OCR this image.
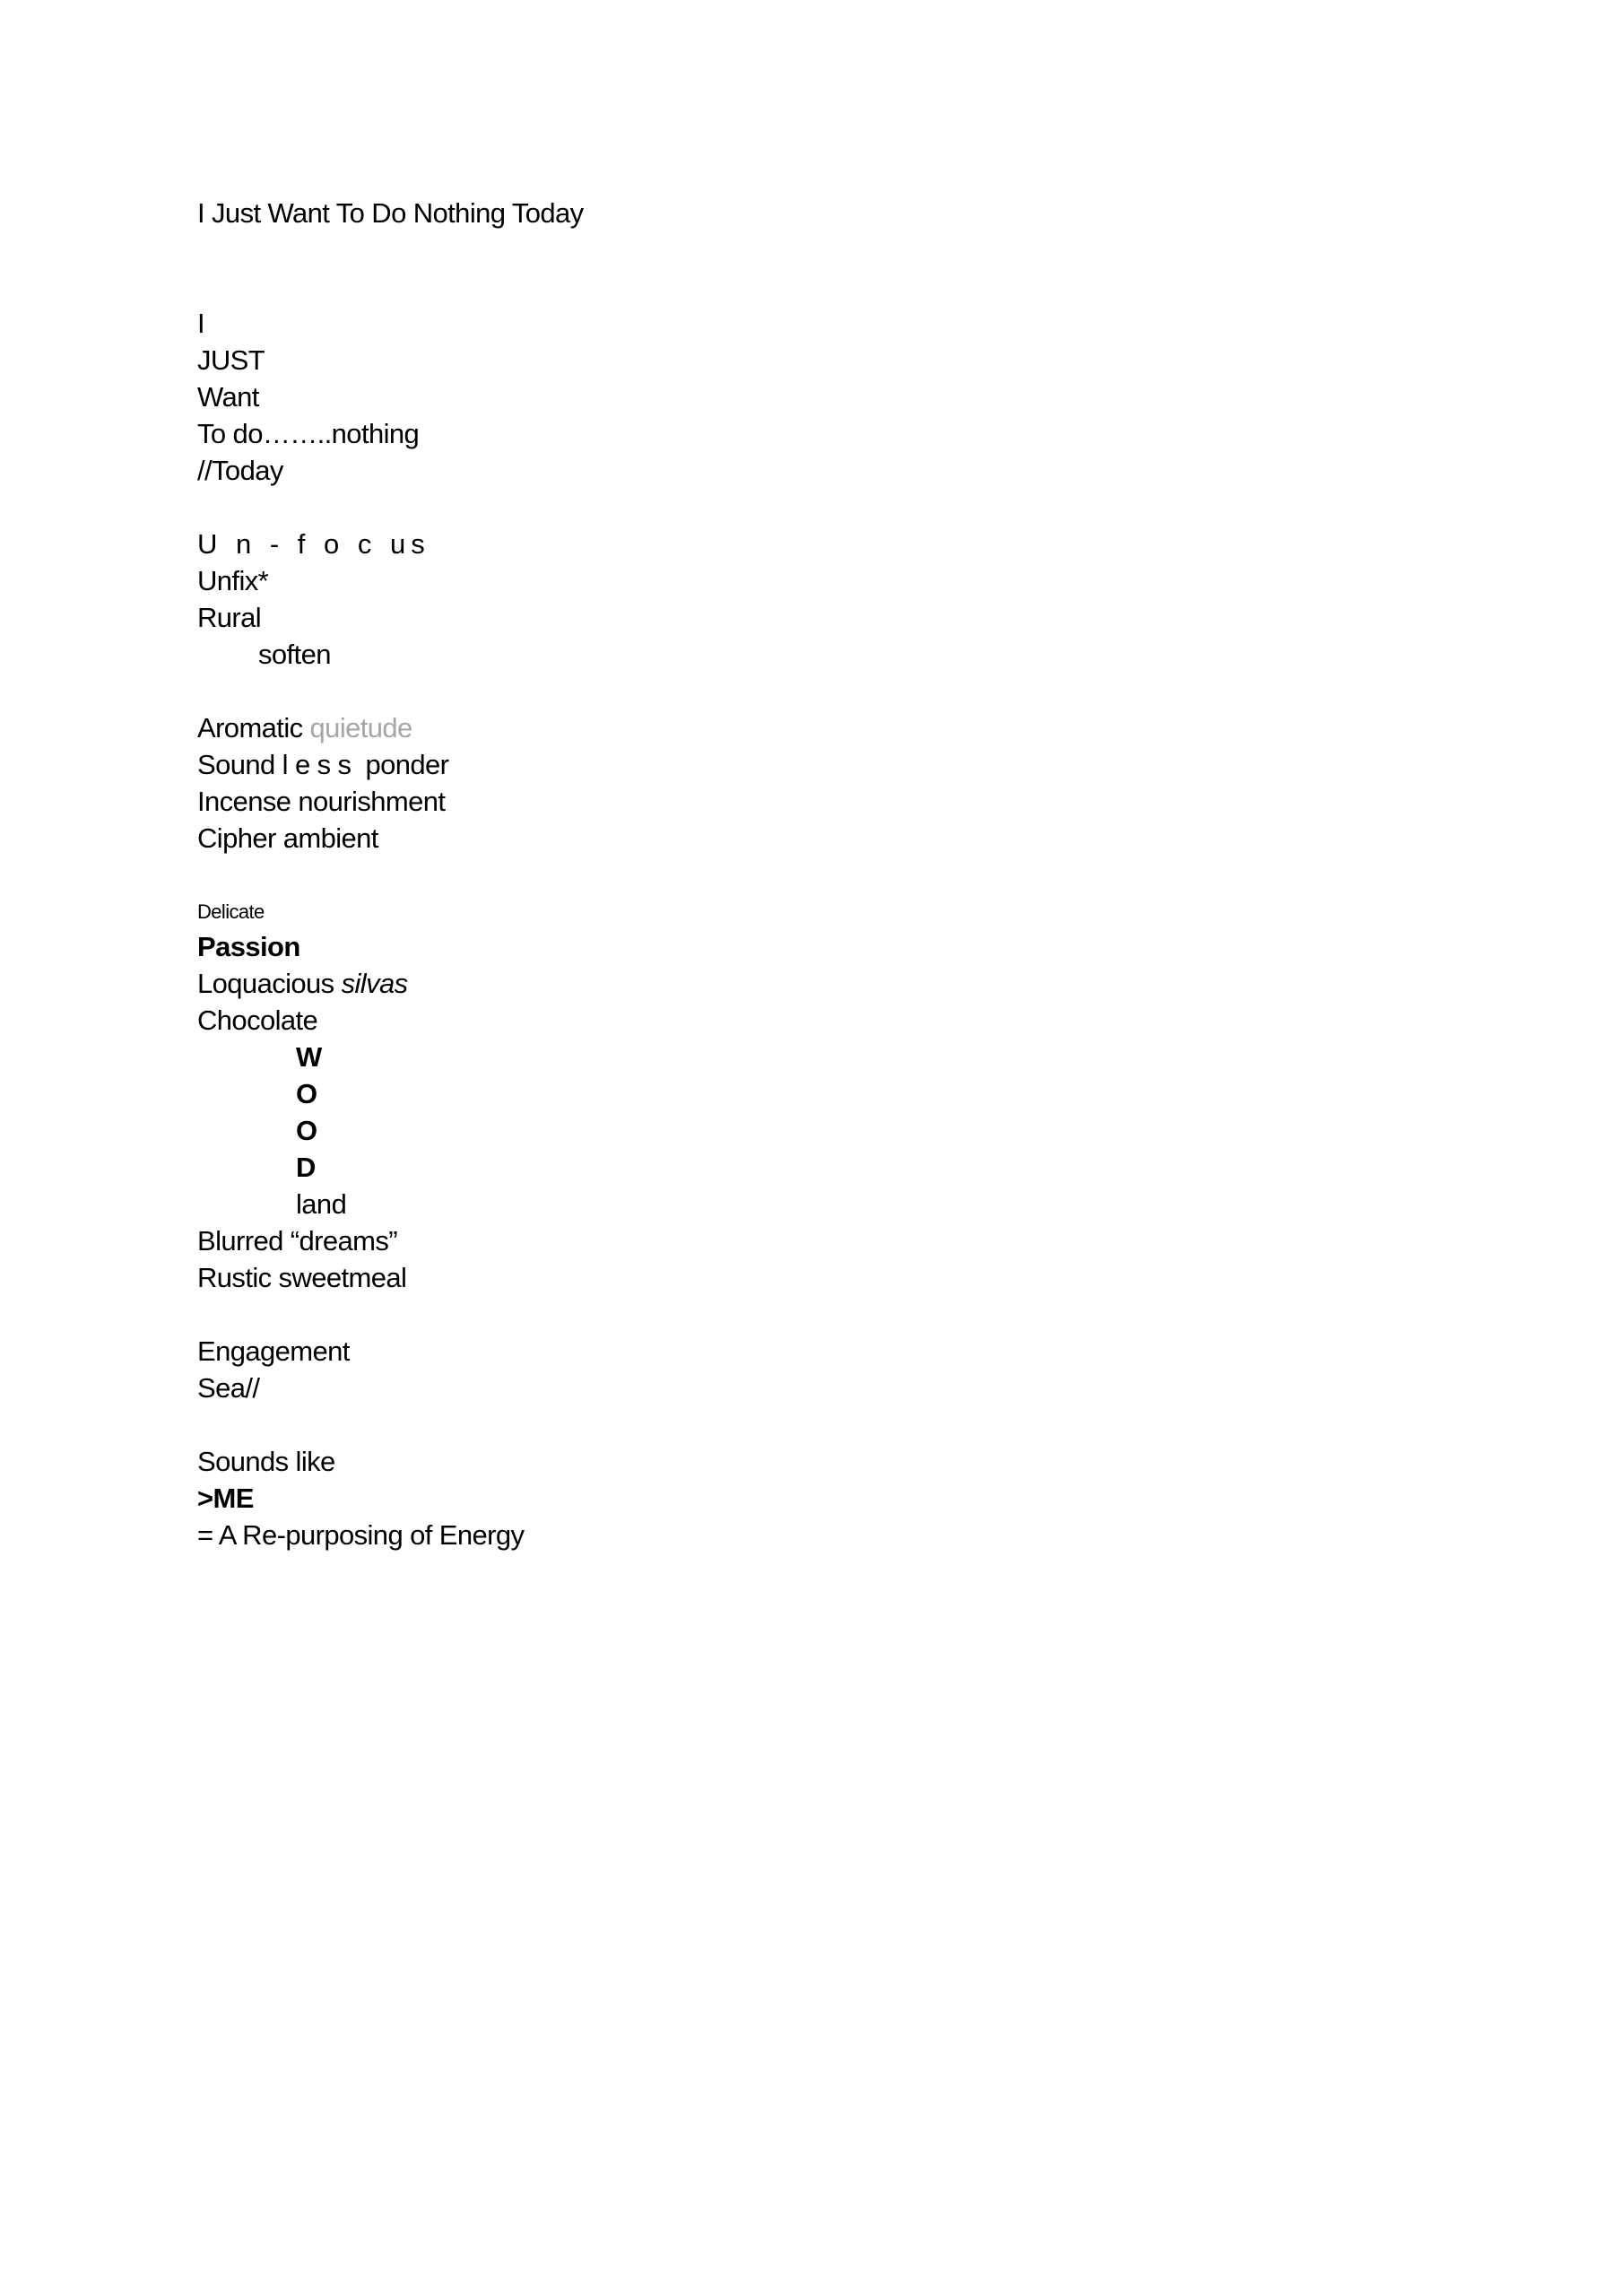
I Just Want To Do Nothing Today
I
JUST
Want
To do……..nothing
//Today
U n - f o c us
Unfix*
Rural
soften
Aromatic quietude
Sound l e s s  ponder
Incense nourishment
Cipher ambient
Delicate
Passion
Loquacious silvas
Chocolate
W
O
O
D
land
Blurred “dreams”
Rustic sweetmeal
Engagement
Sea//
Sounds like
>ME
= A Re-purposing of Energy
